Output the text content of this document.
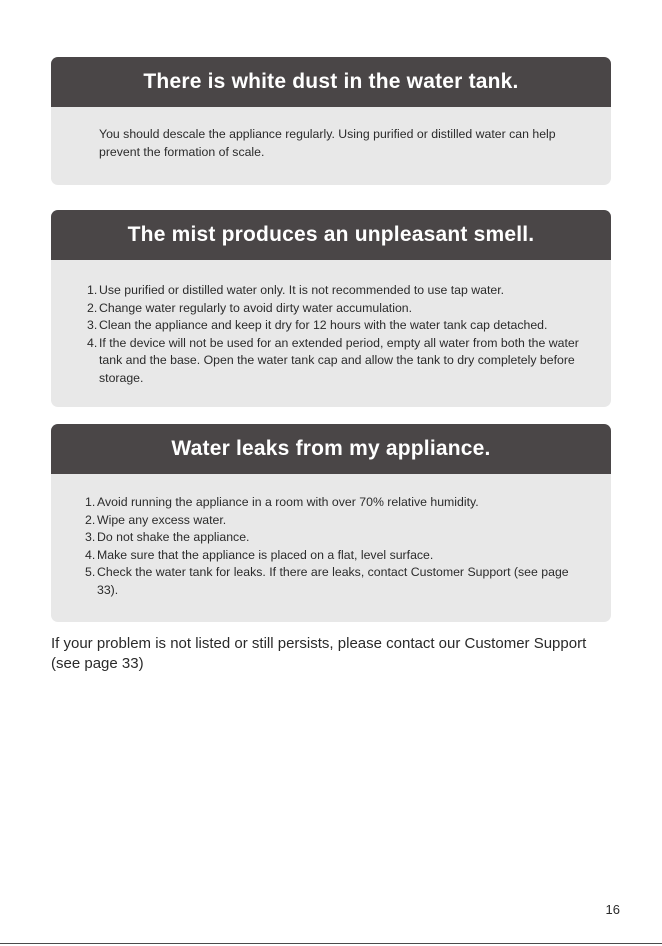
There is white dust in the water tank.

You should descale the appliance regularly. Using purified or distilled water can help prevent the formation of scale.

The mist produces an unpleasant smell.
1. Use purified or distilled water only. It is not recommended to use tap water.
2. Change water regularly to avoid dirty water accumulation.
3. Clean the appliance and keep it dry for 12 hours with the water tank cap detached.
4. If the device will not be used for an extended period, empty all water from both the water tank and the base. Open the water tank cap and allow the tank to dry completely before storage.
Water leaks from my appliance.
1. Avoid running the appliance in a room with over 70% relative humidity.
2. Wipe any excess water.
3. Do not shake the appliance.
4. Make sure that the appliance is placed on a flat, level surface.
5. Check the water tank for leaks. If there are leaks, contact Customer Support (see page 33).

If your problem is not listed or still persists, please contact our Customer Support (see page 33)

16
